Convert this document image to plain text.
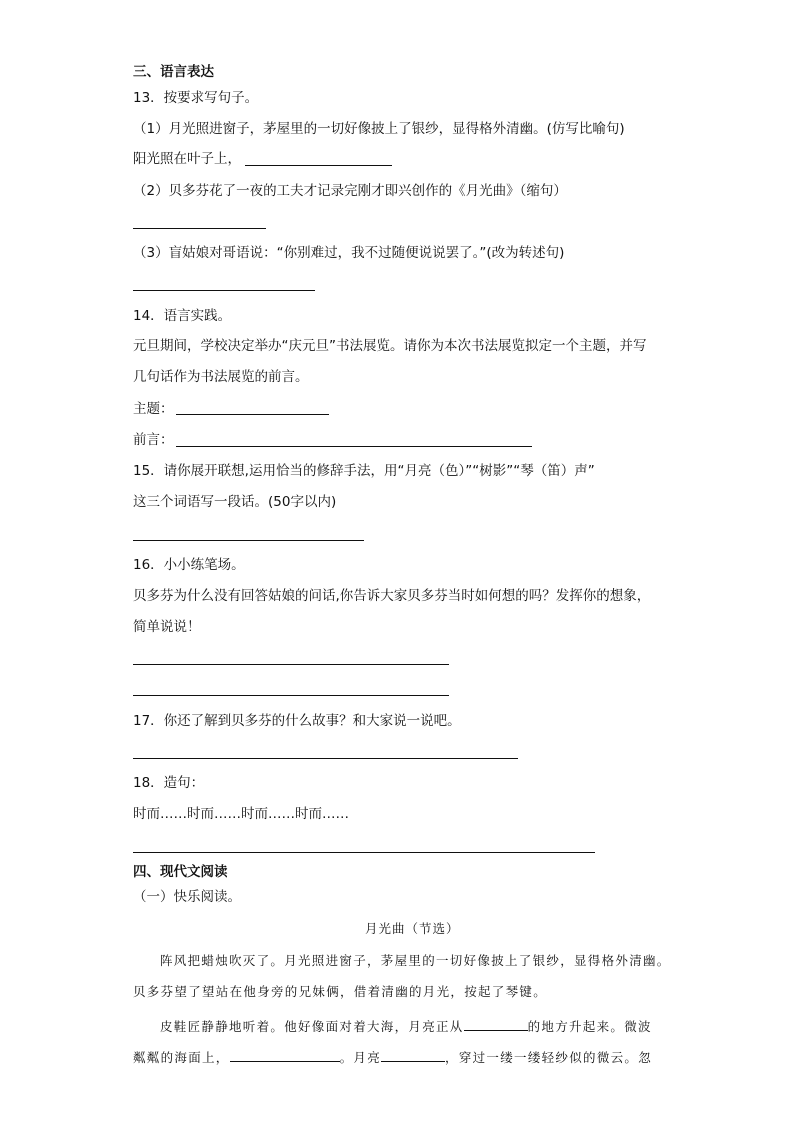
三、语言表达
13．按要求写句子。
（1）月光照进窗子，茅屋里的一切好像披上了银纱，显得格外清幽。(仿写比喻句)
阳光照在叶子上，
（2）贝多芬花了一夜的工夫才记录完刚才即兴创作的《月光曲》（缩句）
（3）盲姑娘对哥语说：“你别难过，我不过随便说说罢了。”(改为转述句)
14．语言实践。
元旦期间，学校决定举办“庆元旦”书法展览。请你为本次书法展览拟定一个主题，并写
几句话作为书法展览的前言。
主题：
前言：
15．请你展开联想,运用恰当的修辞手法，用“月亮（色）”“树影”“琴（笛）声”
这三个词语写一段话。(50字以内)
16．小小练笔场。
贝多芬为什么没有回答姑娘的问话,你告诉大家贝多芬当时如何想的吗？发挥你的想象，
简单说说！
17．你还了解到贝多芬的什么故事？和大家说一说吧。
18．造句：
时而……时而……时而……时而……
四、现代文阅读
（一）快乐阅读。
月光曲（节选）
阵风把蜡烛吹灭了。月光照进窗子，茅屋里的一切好像披上了银纱，显得格外清幽。
贝多芬望了望站在他身旁的兄妹俩，借着清幽的月光，按起了琴键。
皮鞋匠静静地听着。他好像面对着大海，月亮正从	的地方升起来。微波
粼粼的海面上，	。月亮	，穿过一缕一缕轻纱似的微云。忽
